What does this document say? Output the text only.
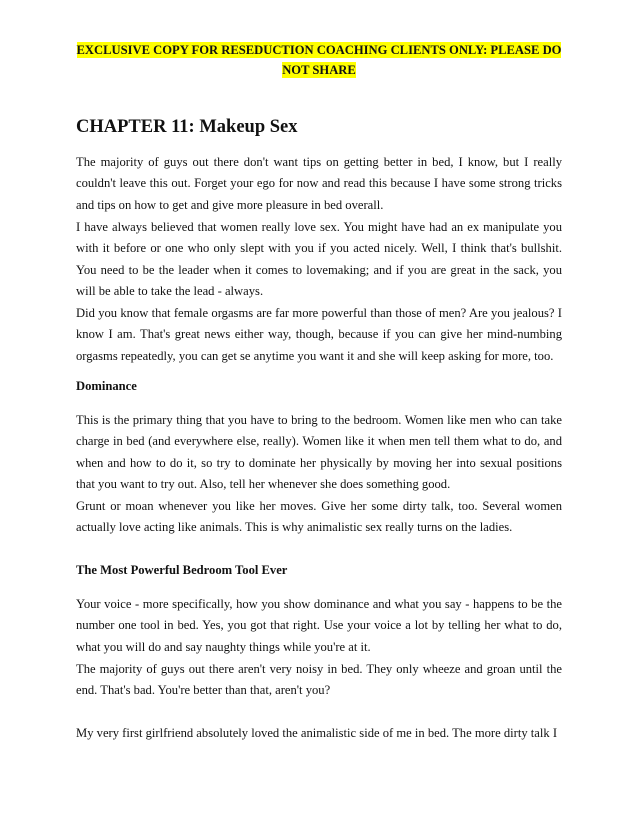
EXCLUSIVE COPY FOR RESEDUCTION COACHING CLIENTS ONLY: PLEASE DO
NOT SHARE
CHAPTER 11: Makeup Sex

The majority of guys out there don't want tips on getting better in bed, I know, but I really couldn't leave this out. Forget your ego for now and read this because I have some strong tricks and tips on how to get and give more pleasure in bed overall.

I have always believed that women really love sex. You might have had an ex manipulate you with it before or one who only slept with you if you acted nicely. Well, I think that's bullshit. You need to be the leader when it comes to lovemaking; and if you are great in the sack, you will be able to take the lead - always.

Did you know that female orgasms are far more powerful than those of men? Are you jealous? I know I am. That's great news either way, though, because if you can give her mind-numbing orgasms repeatedly, you can get se anytime you want it and she will keep asking for more, too.

Dominance

This is the primary thing that you have to bring to the bedroom. Women like men who can take charge in bed (and everywhere else, really). Women like it when men tell them what to do, and when and how to do it, so try to dominate her physically by moving her into sexual positions that you want to try out. Also, tell her whenever she does something good.

Grunt or moan whenever you like her moves. Give her some dirty talk, too. Several women actually love acting like animals. This is why animalistic sex really turns on the ladies.

The Most Powerful Bedroom Tool Ever

Your voice - more specifically, how you show dominance and what you say - happens to be the number one tool in bed. Yes, you got that right. Use your voice a lot by telling her what to do, what you will do and say naughty things while you're at it.

The majority of guys out there aren't very noisy in bed. They only wheeze and groan until the end. That's bad. You're better than that, aren't you?

My very first girlfriend absolutely loved the animalistic side of me in bed. The more dirty talk I
